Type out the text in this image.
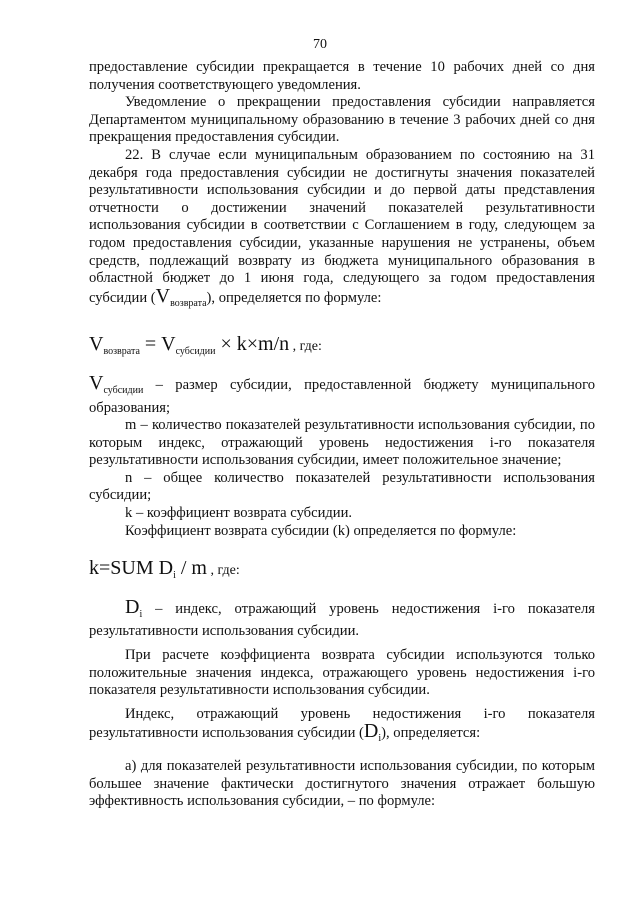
70

предоставление субсидии прекращается в течение 10 рабочих дней со дня получения соответствующего уведомления.

Уведомление о прекращении предоставления субсидии направляется Департаментом муниципальному образованию в течение 3 рабочих дней со дня прекращения предоставления субсидии.

22. В случае если муниципальным образованием по состоянию на 31 декабря года предоставления субсидии не достигнуты значения показателей результативности использования субсидии и до первой даты представления отчетности о достижении значений показателей результативности использования субсидии в соответствии с Соглашением в году, следующем за годом предоставления субсидии, указанные нарушения не устранены, объем средств, подлежащий возврату из бюджета муниципального образования в областной бюджет до 1 июня года, следующего за годом предоставления субсидии $(V_{возврата})$, определяется по формуле:

$V_{возврата} = V_{субсидии} \times k\times m/n$ , где:

$V_{субсидии}$ – размер субсидии, предоставленной бюджету муниципального образования;

m – количество показателей результативности использования субсидии, по которым индекс, отражающий уровень недостижения i-го показателя результативности использования субсидии, имеет положительное значение;

n – общее количество показателей результативности использования субсидии;

k – коэффициент возврата субсидии.

Коэффициент возврата субсидии (k) определяется по формуле:

k=SUM $D_i$ / m , где:

$D_i$ – индекс, отражающий уровень недостижения i-го показателя результативности использования субсидии.

При расчете коэффициента возврата субсидии используются только положительные значения индекса, отражающего уровень недостижения i-го показателя результативности использования субсидии.

Индекс, отражающий уровень недостижения i-го показателя результативности использования субсидии $(D_i)$, определяется:

а) для показателей результативности использования субсидии, по которым большее значение фактически достигнутого значения отражает большую эффективность использования субсидии, – по формуле:
